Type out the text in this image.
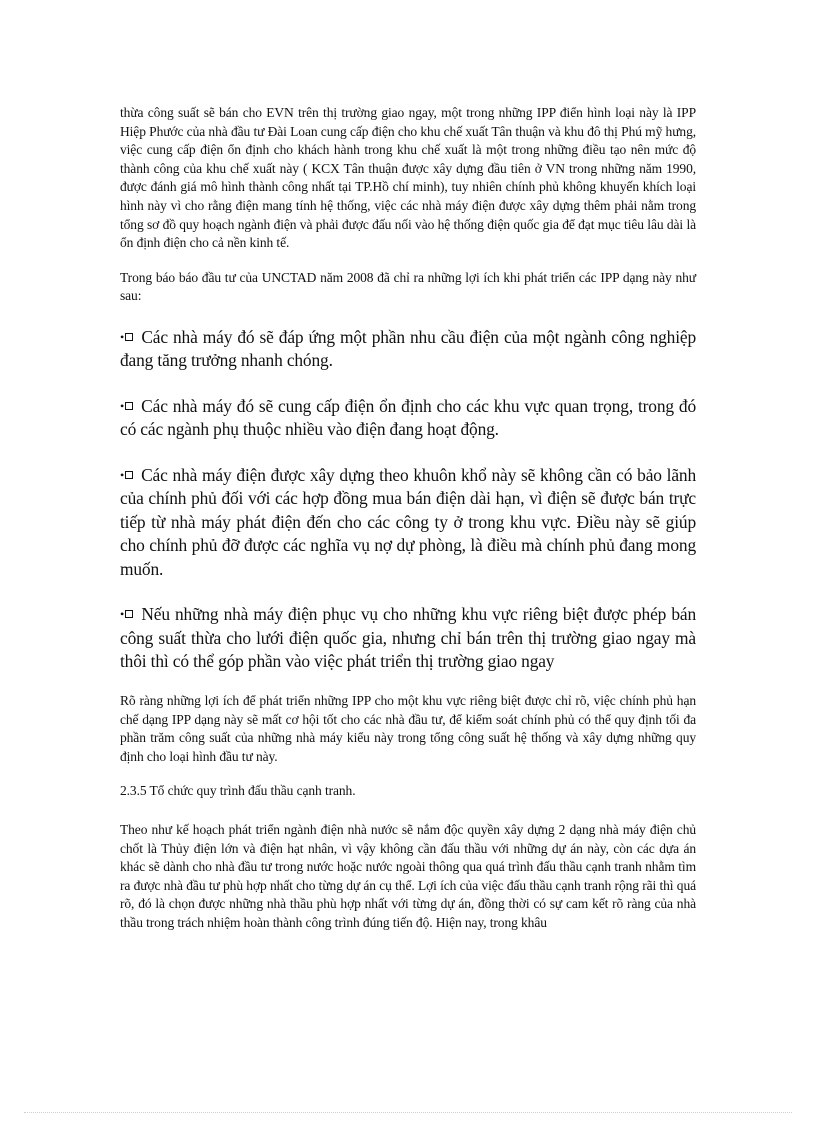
thừa công suất sẽ bán cho EVN trên thị trường giao ngay, một trong những IPP điển hình loại này là IPP Hiệp Phước của nhà đầu tư Đài Loan cung cấp điện cho khu chế xuất Tân thuận và khu đô thị Phú mỹ hưng, việc cung cấp điện ổn định cho khách hành trong khu chế xuất là một trong những điều tạo nên mức độ thành công của khu chế xuất này ( KCX Tân thuận được xây dựng đầu tiên ở VN trong những năm 1990, được đánh giá mô hình thành công nhất tại TP.Hồ chí minh), tuy nhiên chính phủ không khuyến khích loại hình này vì cho rằng điện mang tính hệ thống, việc các nhà máy điện được xây dựng thêm phải nằm trong tổng sơ đồ quy hoạch ngành điện và phải được đấu nối vào hệ thống điện quốc gia để đạt mục tiêu lâu dài là ổn định điện cho cả nền kinh tế.

Trong báo báo đầu tư của UNCTAD năm 2008 đã chỉ ra những lợi ích khi phát triển các IPP dạng này như sau:

• Các nhà máy đó sẽ đáp ứng một phần nhu cầu điện của một ngành công nghiệp đang tăng trưởng nhanh chóng.

• Các nhà máy đó sẽ cung cấp điện ổn định cho các khu vực quan trọng, trong đó có các ngành phụ thuộc nhiều vào điện đang hoạt động.

• Các nhà máy điện được xây dựng theo khuôn khổ này sẽ không cần có bảo lãnh của chính phủ đối với các hợp đồng mua bán điện dài hạn, vì điện sẽ được bán trực tiếp từ nhà máy phát điện đến cho các công ty ở trong khu vực. Điều này sẽ giúp cho chính phủ đỡ được các nghĩa vụ nợ dự phòng, là điều mà chính phủ đang mong muốn.

• Nếu những nhà máy điện phục vụ cho những khu vực riêng biệt được phép bán công suất thừa cho lưới điện quốc gia, nhưng chỉ bán trên thị trường giao ngay mà thôi thì có thể góp phần vào việc phát triển thị trường giao ngay

Rõ ràng những lợi ích để phát triển những IPP cho một khu vực riêng biệt được chỉ rõ, việc chính phủ hạn chế dạng IPP dạng này sẽ mất cơ hội tốt cho các nhà đầu tư, để kiểm soát chính phủ có thể quy định tối đa phần trăm công suất của những nhà máy kiểu này trong tổng công suất hệ thống và xây dựng những quy định cho loại hình đầu tư này.

2.3.5 Tổ chức quy trình đấu thầu cạnh tranh.

Theo như kế hoạch phát triển ngành điện nhà nước sẽ nắm độc quyền xây dựng 2 dạng nhà máy điện chủ chốt là Thủy điện lớn và điện hạt nhân, vì vậy không cần đấu thầu với những dự án này, còn các dựa án khác sẽ dành cho nhà đầu tư trong nước hoặc nước ngoài thông qua quá trình đấu thầu cạnh tranh nhằm tìm ra được nhà đầu tư phù hợp nhất cho từng dự án cụ thể. Lợi ích của việc đấu thầu cạnh tranh rộng rãi thì quá rõ, đó là chọn được những nhà thầu phù hợp nhất với từng dự án, đồng thời có sự cam kết rõ ràng của nhà thầu trong trách nhiệm hoàn thành công trình đúng tiến độ. Hiện nay, trong khâu
